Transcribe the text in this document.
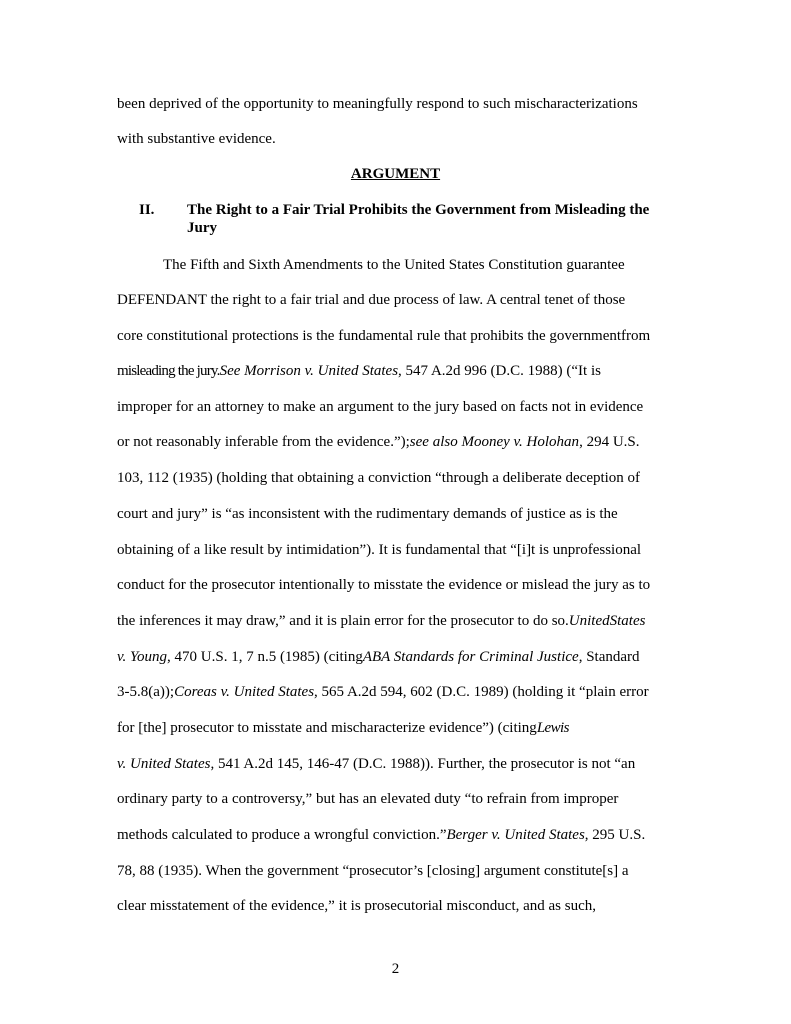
been deprived of the opportunity to meaningfully respond to such mischaracterizations
with substantive evidence.
ARGUMENT
II. The Right to a Fair Trial Prohibits the Government from Misleading the
Jury
The Fifth and Sixth Amendments to the United States Constitution guarantee
DEFENDANT the right to a fair trial and due process of law. A central tenet of those
core constitutional protections is the fundamental rule that prohibits the governmentfrom
misleading the jury.See Morrison v. United States, 547 A.2d 996 (D.C. 1988) (“It is
improper for an attorney to make an argument to the jury based on facts not in evidence
or not reasonably inferable from the evidence.”);see also Mooney v. Holohan, 294 U.S.
103, 112 (1935) (holding that obtaining a conviction “through a deliberate deception of
court and jury” is “as inconsistent with the rudimentary demands of justice as is the
obtaining of a like result by intimidation”). It is fundamental that “[i]t is unprofessional
conduct for the prosecutor intentionally to misstate the evidence or mislead the jury as to
the inferences it may draw,” and it is plain error for the prosecutor to do so.UnitedStates
v. Young, 470 U.S. 1, 7 n.5 (1985) (citingABA Standards for Criminal Justice, Standard
3-5.8(a));Coreas v. United States, 565 A.2d 594, 602 (D.C. 1989) (holding it “plain error
for [the] prosecutor to misstate and mischaracterize evidence”) (citingLewis
v. United States, 541 A.2d 145, 146-47 (D.C. 1988)). Further, the prosecutor is not “an
ordinary party to a controversy,” but has an elevated duty “to refrain from improper
methods calculated to produce a wrongful conviction.”Berger v. United States, 295 U.S.
78, 88 (1935). When the government “prosecutor’s [closing] argument constitute[s] a
clear misstatement of the evidence,” it is prosecutorial misconduct, and as such,
2
